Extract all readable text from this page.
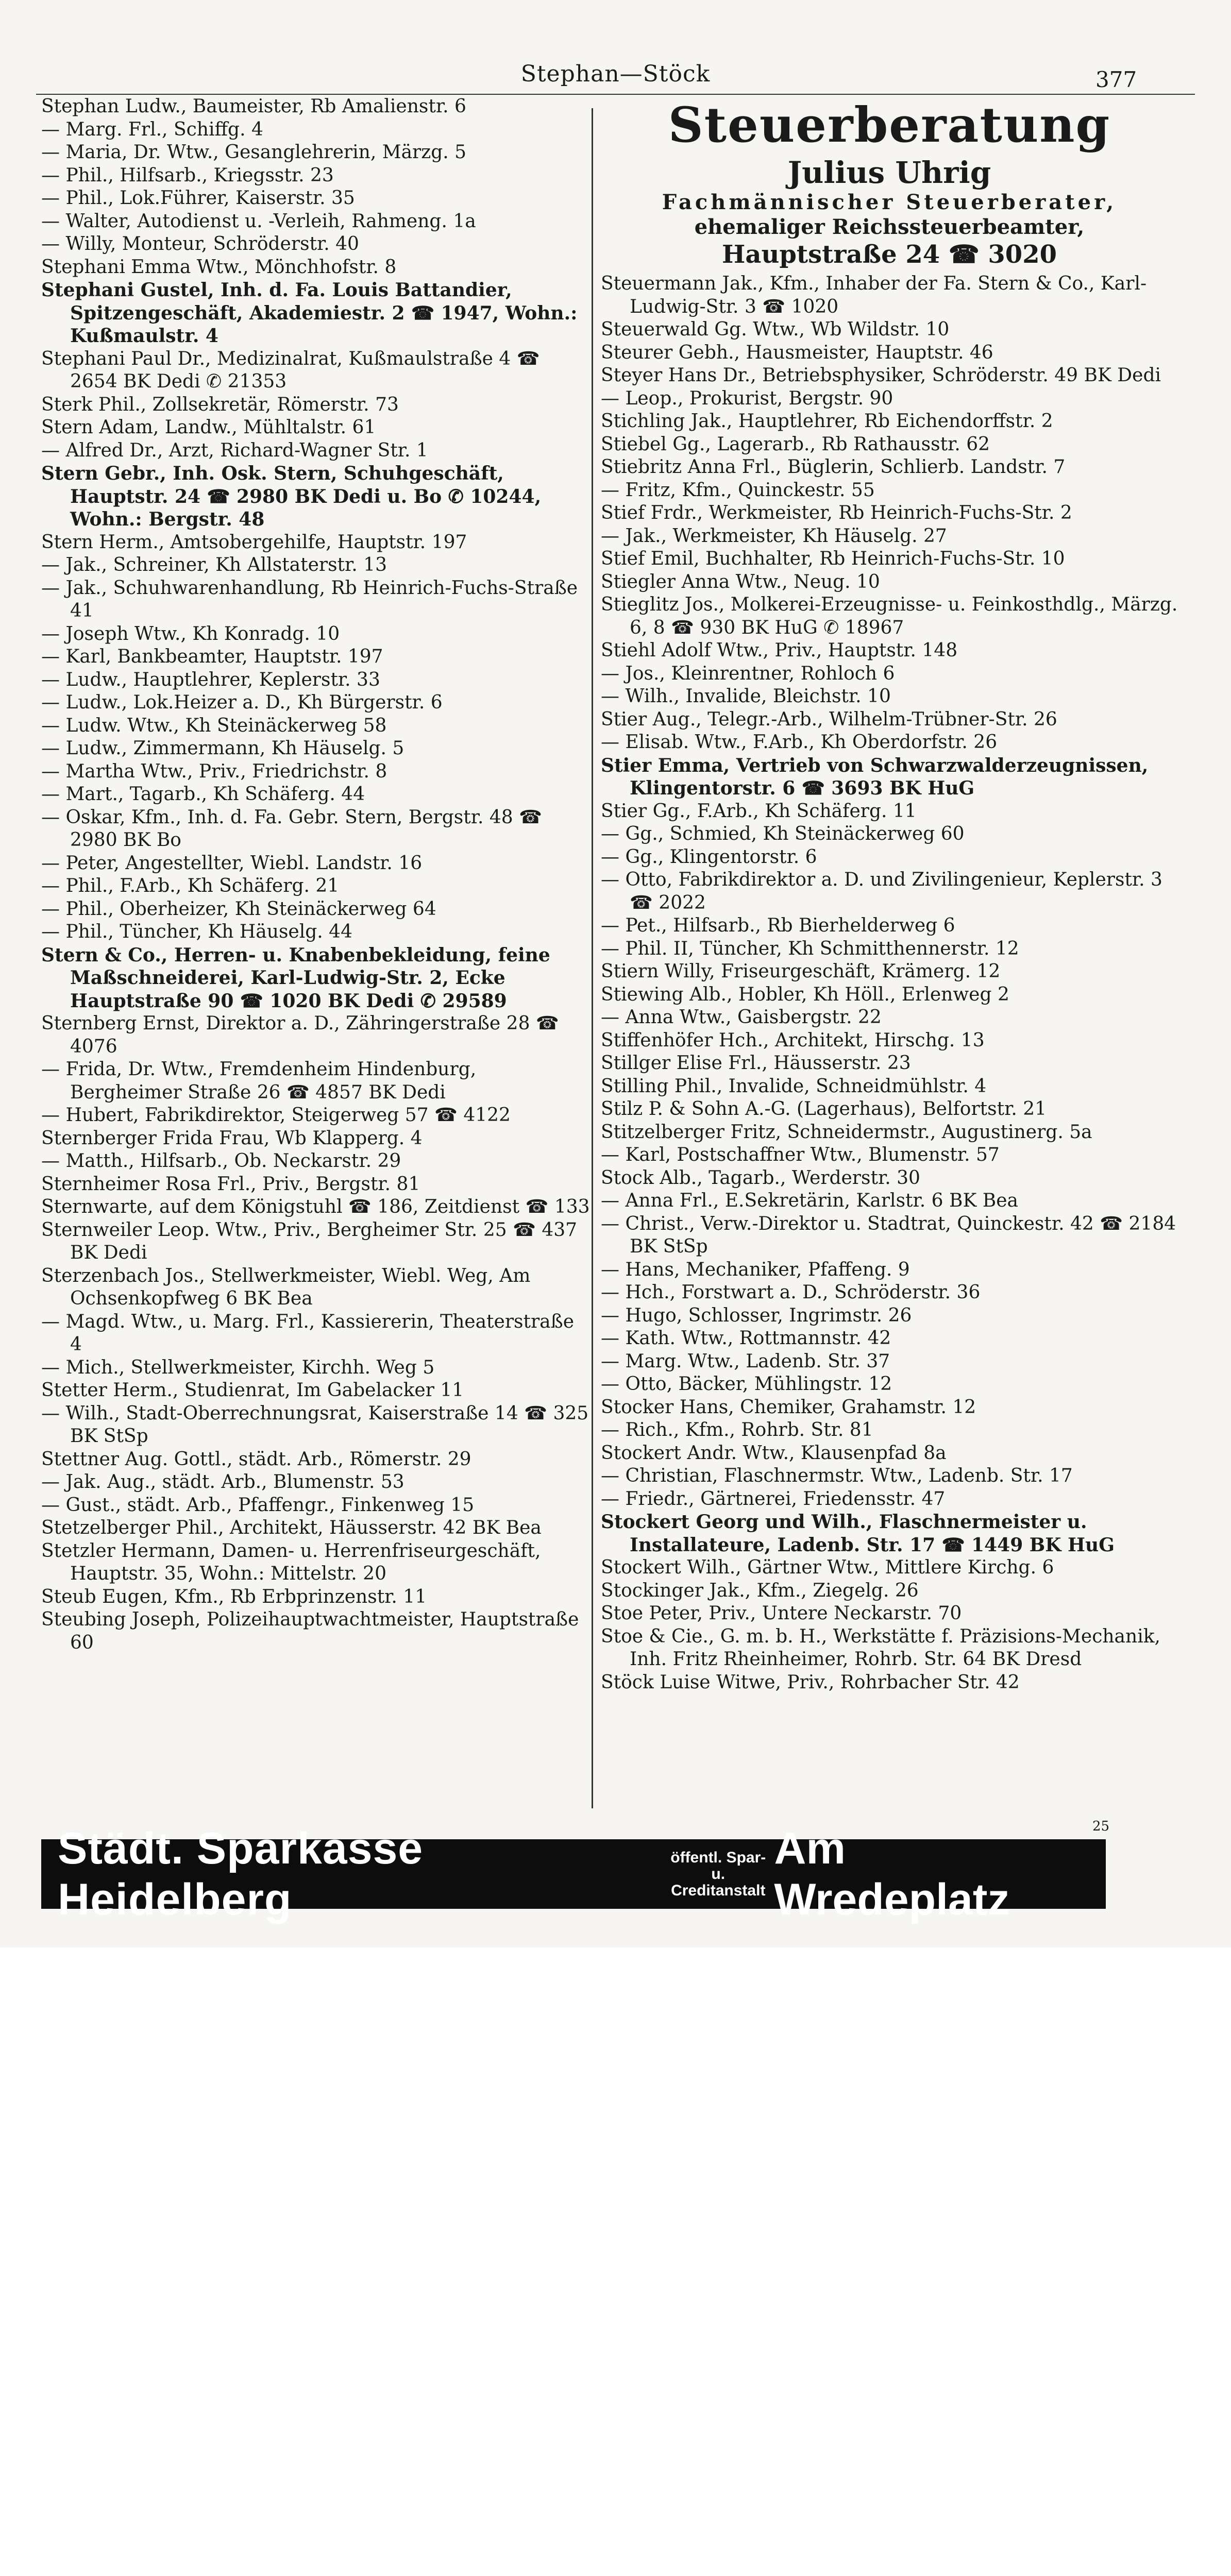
Stephan—Stöck	377
Stephan Ludw., Baumeister, Rb Amalienstr. 6
— Marg. Frl., Schiffg. 4
— Maria, Dr. Wtw., Gesanglehrerin, Märzg. 5
— Phil., Hilfsarb., Kriegsstr. 23
— Phil., Lok.Führer, Kaiserstr. 35
— Walter, Autodienst u. -Verleih, Rahmeng. 1a
— Willy, Monteur, Schröderstr. 40
Stephani Emma Wtw., Mönchhofstr. 8
Stephani Gustel, Inh. d. Fa. Louis Battandier, Spitzengeschäft, Akademiestr. 2 ☎ 1947, Wohn.: Kußmaulstr. 4
Stephani Paul Dr., Medizinalrat, Kußmaulstraße 4 ☎ 2654 BK Dedi ✆ 21353
Sterk Phil., Zollsekretär, Römerstr. 73
Stern Adam, Landw., Mühltalstr. 61
— Alfred Dr., Arzt, Richard-Wagner Str. 1
Stern Gebr., Inh. Osk. Stern, Schuhgeschäft, Hauptstr. 24 ☎ 2980 BK Dedi u. Bo ✆ 10244, Wohn.: Bergstr. 48
Stern Herm., Amtsobergehilfe, Hauptstr. 197
— Jak., Schreiner, Kh Allstaterstr. 13
— Jak., Schuhwarenhandlung, Rb Heinrich-Fuchs-Straße 41
— Joseph Wtw., Kh Konradg. 10
— Karl, Bankbeamter, Hauptstr. 197
— Ludw., Hauptlehrer, Keplerstr. 33
— Ludw., Lok.Heizer a. D., Kh Bürgerstr. 6
— Ludw. Wtw., Kh Steinäckerweg 58
— Ludw., Zimmermann, Kh Häuselg. 5
— Martha Wtw., Priv., Friedrichstr. 8
— Mart., Tagarb., Kh Schäferg. 44
— Oskar, Kfm., Inh. d. Fa. Gebr. Stern, Bergstr. 48 ☎ 2980 BK Bo
— Peter, Angestellter, Wiebl. Landstr. 16
— Phil., F.Arb., Kh Schäferg. 21
— Phil., Oberheizer, Kh Steinäckerweg 64
— Phil., Tüncher, Kh Häuselg. 44
Stern & Co., Herren- u. Knabenbekleidung, feine Maßschneiderei, Karl-Ludwig-Str. 2, Ecke Hauptstraße 90 ☎ 1020 BK Dedi ✆ 29589
Sternberg Ernst, Direktor a. D., Zähringerstraße 28 ☎ 4076
— Frida, Dr. Wtw., Fremdenheim Hindenburg, Bergheimer Straße 26 ☎ 4857 BK Dedi
— Hubert, Fabrikdirektor, Steigerweg 57 ☎ 4122
Sternberger Frida Frau, Wb Klapperg. 4
— Matth., Hilfsarb., Ob. Neckarstr. 29
Sternheimer Rosa Frl., Priv., Bergstr. 81
Sternwarte, auf dem Königstuhl ☎ 186, Zeitdienst ☎ 133
Sternweiler Leop. Wtw., Priv., Bergheimer Str. 25 ☎ 437 BK Dedi
Sterzenbach Jos., Stellwerkmeister, Wiebl. Weg, Am Ochsenkopfweg 6 BK Bea
— Magd. Wtw., u. Marg. Frl., Kassiererin, Theaterstraße 4
— Mich., Stellwerkmeister, Kirchh. Weg 5
Stetter Herm., Studienrat, Im Gabelacker 11
— Wilh., Stadt-Oberrechnungsrat, Kaiserstraße 14 ☎ 325 BK StSp
Stettner Aug. Gottl., städt. Arb., Römerstr. 29
— Jak. Aug., städt. Arb., Blumenstr. 53
— Gust., städt. Arb., Pfaffengr., Finkenweg 15
Stetzelberger Phil., Architekt, Häusserstr. 42 BK Bea
Stetzler Hermann, Damen- u. Herrenfriseurgeschäft, Hauptstr. 35, Wohn.: Mittelstr. 20
Steub Eugen, Kfm., Rb Erbprinzenstr. 11
Steubing Joseph, Polizeihauptwachtmeister, Hauptstraße 60
Steuerberatung
Julius Uhrig
Fachmännischer Steuerberater,
ehemaliger Reichssteuerbeamter,
Hauptstraße 24 ☎ 3020
Steuermann Jak., Kfm., Inhaber der Fa. Stern & Co., Karl-Ludwig-Str. 3 ☎ 1020
Steuerwald Gg. Wtw., Wb Wildstr. 10
Steurer Gebh., Hausmeister, Hauptstr. 46
Steyer Hans Dr., Betriebsphysiker, Schröderstr. 49 BK Dedi
— Leop., Prokurist, Bergstr. 90
Stichling Jak., Hauptlehrer, Rb Eichendorffstr. 2
Stiebel Gg., Lagerarb., Rb Rathausstr. 62
Stiebritz Anna Frl., Büglerin, Schlierb. Landstr. 7
— Fritz, Kfm., Quinckestr. 55
Stief Frdr., Werkmeister, Rb Heinrich-Fuchs-Str. 2
— Jak., Werkmeister, Kh Häuselg. 27
Stief Emil, Buchhalter, Rb Heinrich-Fuchs-Str. 10
Stiegler Anna Wtw., Neug. 10
Stieglitz Jos., Molkerei-Erzeugnisse- u. Feinkosthdlg., Märzg. 6, 8 ☎ 930 BK HuG ✆ 18967
Stiehl Adolf Wtw., Priv., Hauptstr. 148
— Jos., Kleinrentner, Rohloch 6
— Wilh., Invalide, Bleichstr. 10
Stier Aug., Telegr.-Arb., Wilhelm-Trübner-Str. 26
— Elisab. Wtw., F.Arb., Kh Oberdorfstr. 26
Stier Emma, Vertrieb von Schwarzwalderzeugnissen, Klingentorstr. 6 ☎ 3693 BK HuG
Stier Gg., F.Arb., Kh Schäferg. 11
— Gg., Schmied, Kh Steinäckerweg 60
— Gg., Klingentorstr. 6
— Otto, Fabrikdirektor a. D. und Zivilingenieur, Keplerstr. 3 ☎ 2022
— Pet., Hilfsarb., Rb Bierhelderweg 6
— Phil. II, Tüncher, Kh Schmitthennerstr. 12
Stiern Willy, Friseurgeschäft, Krämerg. 12
Stiewing Alb., Hobler, Kh Höll., Erlenweg 2
— Anna Wtw., Gaisbergstr. 22
Stiffenhöfer Hch., Architekt, Hirschg. 13
Stillger Elise Frl., Häusserstr. 23
Stilling Phil., Invalide, Schneidmühlstr. 4
Stilz P. & Sohn A.-G. (Lagerhaus), Belfortstr. 21
Stitzelberger Fritz, Schneidermstr., Augustinerg. 5a
— Karl, Postschaffner Wtw., Blumenstr. 57
Stock Alb., Tagarb., Werderstr. 30
— Anna Frl., E.Sekretärin, Karlstr. 6 BK Bea
— Christ., Verw.-Direktor u. Stadtrat, Quinckestr. 42 ☎ 2184 BK StSp
— Hans, Mechaniker, Pfaffeng. 9
— Hch., Forstwart a. D., Schröderstr. 36
— Hugo, Schlosser, Ingrimstr. 26
— Kath. Wtw., Rottmannstr. 42
— Marg. Wtw., Ladenb. Str. 37
— Otto, Bäcker, Mühlingstr. 12
Stocker Hans, Chemiker, Grahamstr. 12
— Rich., Kfm., Rohrb. Str. 81
Stockert Andr. Wtw., Klausenpfad 8a
— Christian, Flaschnermstr. Wtw., Ladenb. Str. 17
— Friedr., Gärtnerei, Friedensstr. 47
Stockert Georg und Wilh., Flaschnermeister u. Installateure, Ladenb. Str. 17 ☎ 1449 BK HuG
Stockert Wilh., Gärtner Wtw., Mittlere Kirchg. 6
Stockinger Jak., Kfm., Ziegelg. 26
Stoe Peter, Priv., Untere Neckarstr. 70
Stoe & Cie., G. m. b. H., Werkstätte f. Präzisions-Mechanik, Inh. Fritz Rheinheimer, Rohrb. Str. 64 BK Dresd
Stöck Luise Witwe, Priv., Rohrbacher Str. 42
25
Städt. Sparkasse Heidelberg
öffentl. Spar- u.
Creditanstalt
Am Wredeplatz
